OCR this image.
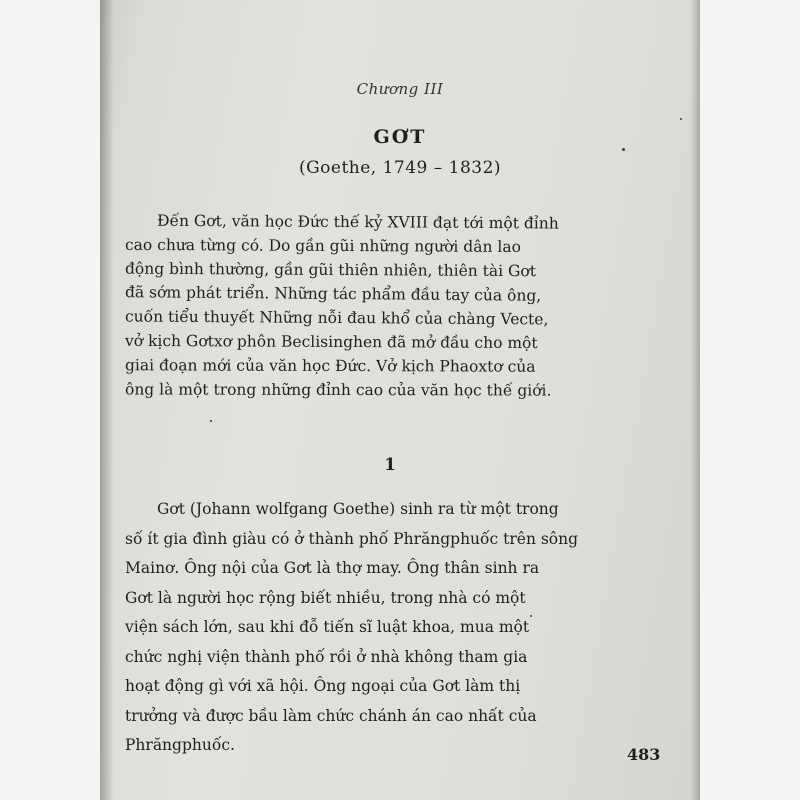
Chương III
GƠT
(Goethe, 1749 – 1832)
Đến Gơt, văn học Đức thế kỷ XVIII đạt tới một đỉnh
cao chưa từng có. Do gần gũi những người dân lao
động bình thường, gần gũi thiên nhiên, thiên tài Gơt
đã sớm phát triển. Những tác phẩm đầu tay của ông,
cuốn tiểu thuyết Những nỗi đau khổ của chàng Vecte,
vở kịch Gơtxơ phôn Beclisinghen đã mở đầu cho một
giai đoạn mới của văn học Đức. Vở kịch Phaoxtơ của
ông là một trong những đỉnh cao của văn học thế giới.
1
Gơt (Johann wolfgang Goethe) sinh ra từ một trong
số ít gia đình giàu có ở thành phố Phrăngphuốc trên sông
Mainơ. Ông nội của Gơt là thợ may. Ông thân sinh ra
Gơt là người học rộng biết nhiều, trong nhà có một
viện sách lớn, sau khi đỗ tiến sĩ luật khoa, mua một
chức nghị viện thành phố rồi ở nhà không tham gia
hoạt động gì với xã hội. Ông ngoại của Gơt làm thị
trưởng và được bầu làm chức chánh án cao nhất của
Phrăngphuốc.	483
